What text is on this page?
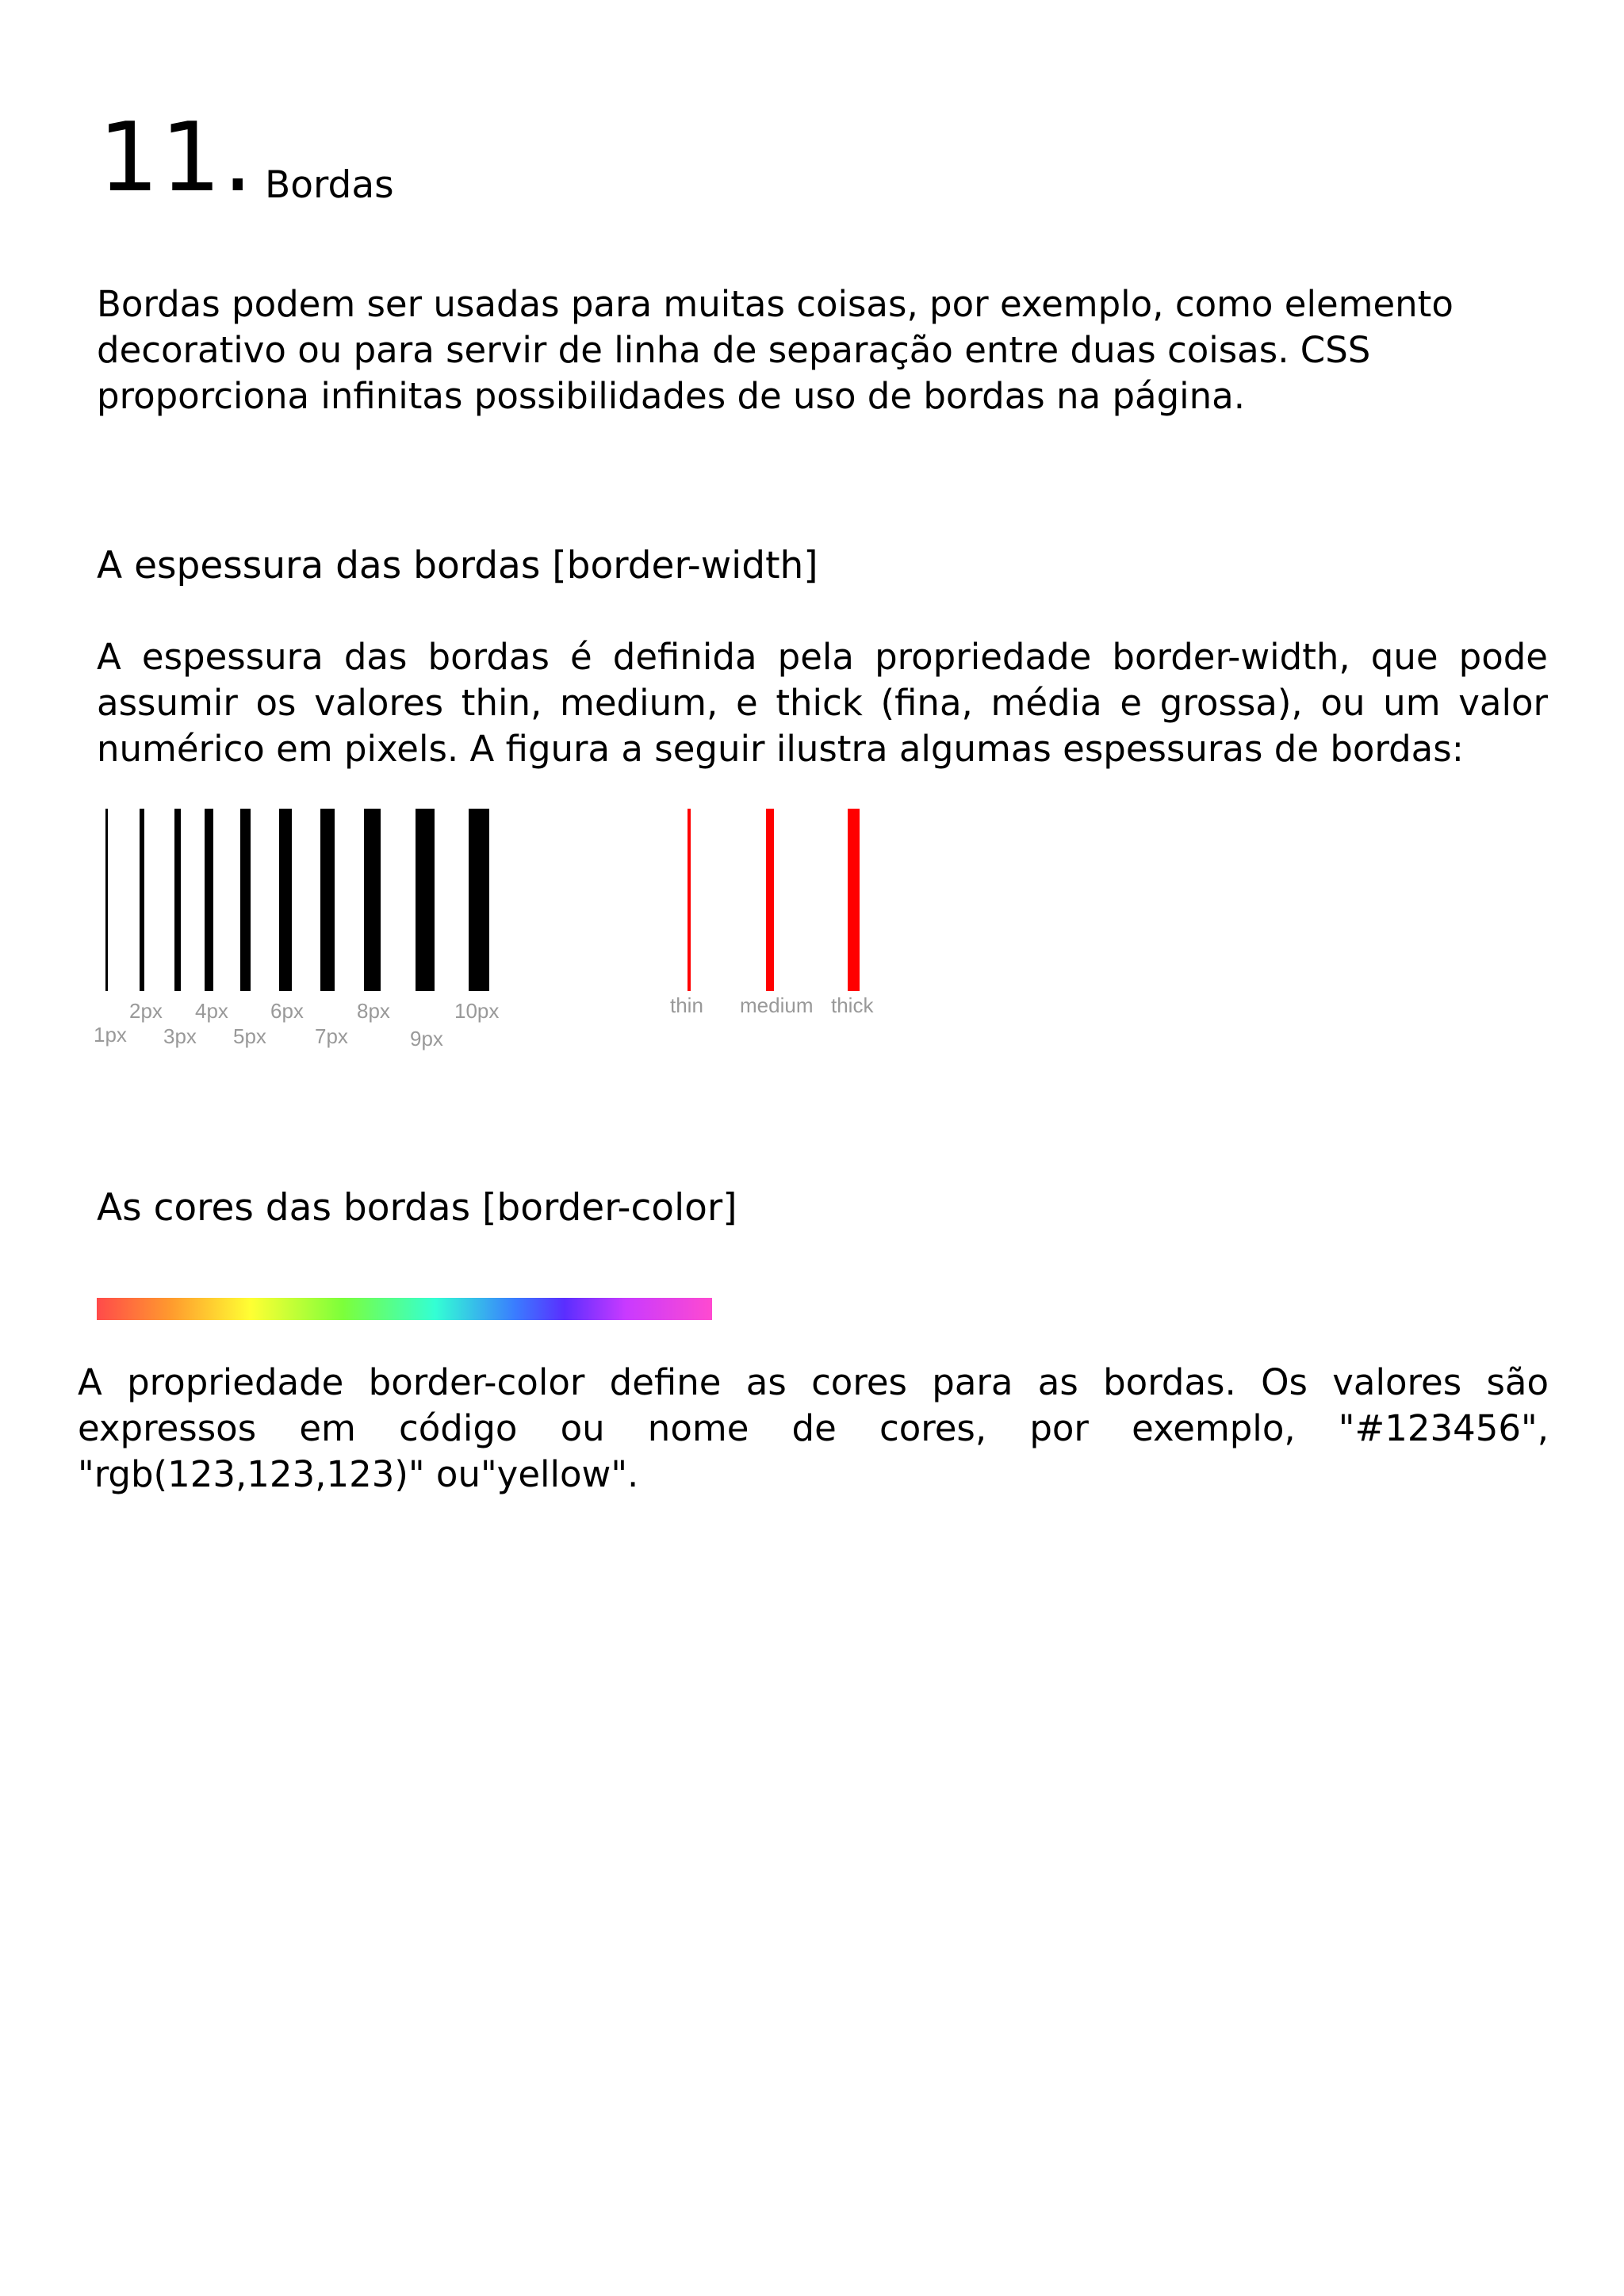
11. Bordas

Bordas podem ser usadas para muitas coisas, por exemplo, como elemento decorativo ou para servir de linha de separação entre duas coisas. CSS proporciona infinitas possibilidades de uso de bordas na página.

A espessura das bordas [border-width]

A espessura das bordas é definida pela propriedade border-width, que pode assumir os valores thin, medium, e thick (fina, média e grossa), ou um valor numérico em pixels. A figura a seguir ilustra algumas espessuras de bordas:

1px
2px
3px
4px
5px
6px
7px
8px
9px
10px	thin medium thick
As cores das bordas [border-color]

A propriedade border-color define as cores para as bordas. Os valores são expressos em código ou nome de cores, por exemplo, "#123456", "rgb(123,123,123)" ou"yellow".
